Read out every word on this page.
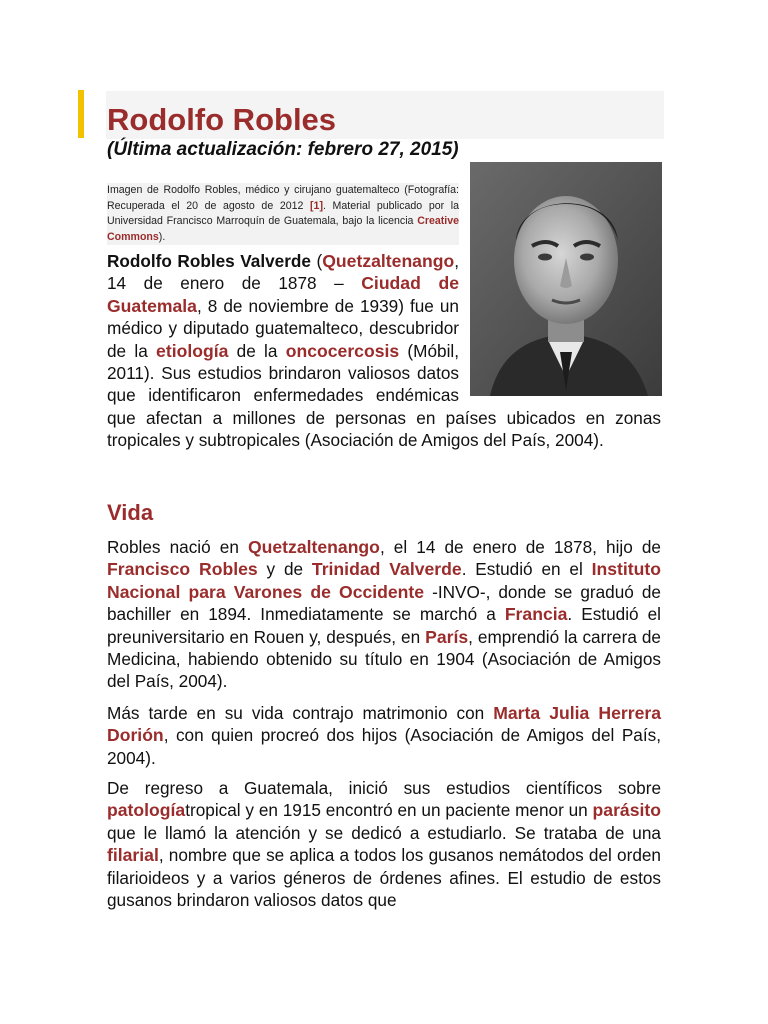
Rodolfo Robles

(Última actualización: febrero 27, 2015)

Imagen de Rodolfo Robles, médico y cirujano guatemalteco (Fotografía: Recuperada el 20 de agosto de 2012 [1]. Material publicado por la Universidad Francisco Marroquín de Guatemala, bajo la licencia Creative Commons).

Rodolfo Robles Valverde (Quetzaltenango, 14 de enero de 1878 – Ciudad de Guatemala, 8 de noviembre de 1939) fue un médico y diputado guatemalteco, descubridor de la etiología de la oncocercosis (Móbil, 2011). Sus estudios brindaron valiosos datos que identificaron enfermedades endémicas que afectan a millones de personas en países ubicados en zonas tropicales y subtropicales (Asociación de Amigos del País, 2004).

Vida

Robles nació en Quetzaltenango, el 14 de enero de 1878, hijo de Francisco Robles y de Trinidad Valverde. Estudió en el Instituto Nacional para Varones de Occidente -INVO-, donde se graduó de bachiller en 1894. Inmediatamente se marchó a Francia. Estudió el preuniversitario en Rouen y, después, en París, emprendió la carrera de Medicina, habiendo obtenido su título en 1904 (Asociación de Amigos del País, 2004).

Más tarde en su vida contrajo matrimonio con Marta Julia Herrera Dorión, con quien procreó dos hijos (Asociación de Amigos del País, 2004).

De regreso a Guatemala, inició sus estudios científicos sobre patologíatropical y en 1915 encontró en un paciente menor un parásito que le llamó la atención y se dedicó a estudiarlo. Se trataba de una filarial, nombre que se aplica a todos los gusanos nemátodos del orden filarioideos y a varios géneros de órdenes afines. El estudio de estos gusanos brindaron valiosos datos que
